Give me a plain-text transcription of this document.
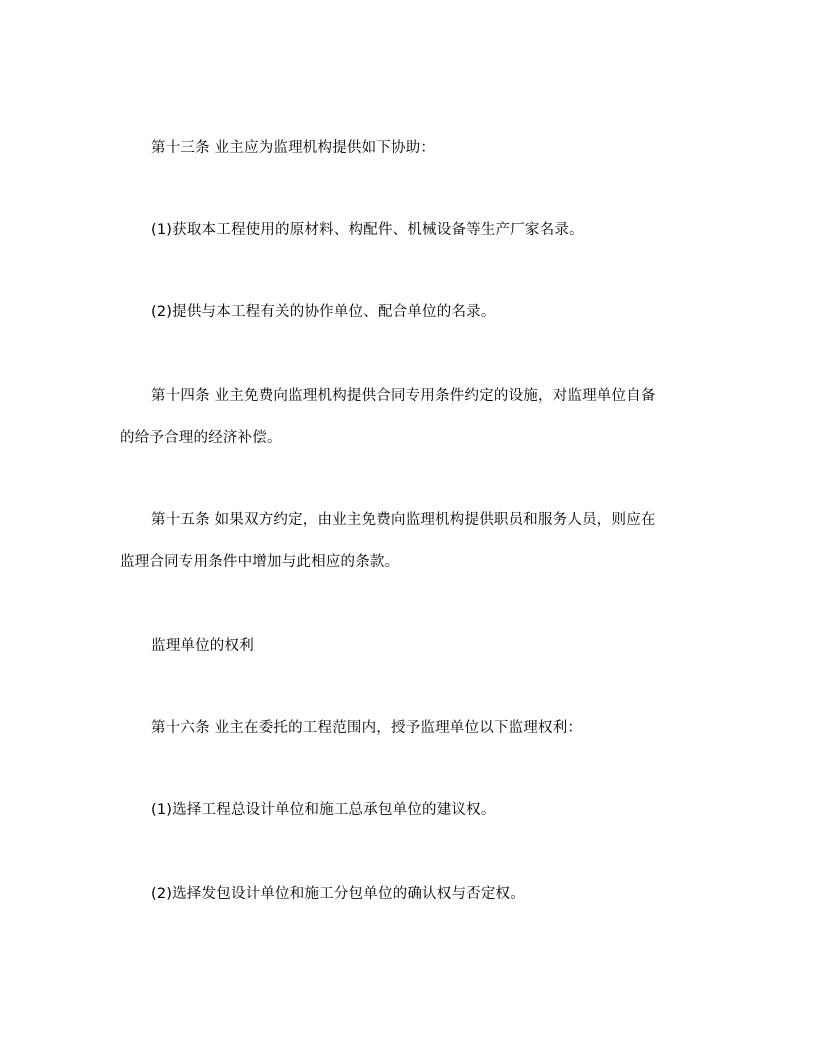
第十三条 业主应为监理机构提供如下协助：
(1)获取本工程使用的原材料、构配件、机械设备等生产厂家名录。
(2)提供与本工程有关的协作单位、配合单位的名录。
第十四条 业主免费向监理机构提供合同专用条件约定的设施，对监理单位自备
的给予合理的经济补偿。
第十五条 如果双方约定，由业主免费向监理机构提供职员和服务人员，则应在
监理合同专用条件中增加与此相应的条款。
监理单位的权利
第十六条 业主在委托的工程范围内，授予监理单位以下监理权利：
(1)选择工程总设计单位和施工总承包单位的建议权。
(2)选择发包设计单位和施工分包单位的确认权与否定权。
